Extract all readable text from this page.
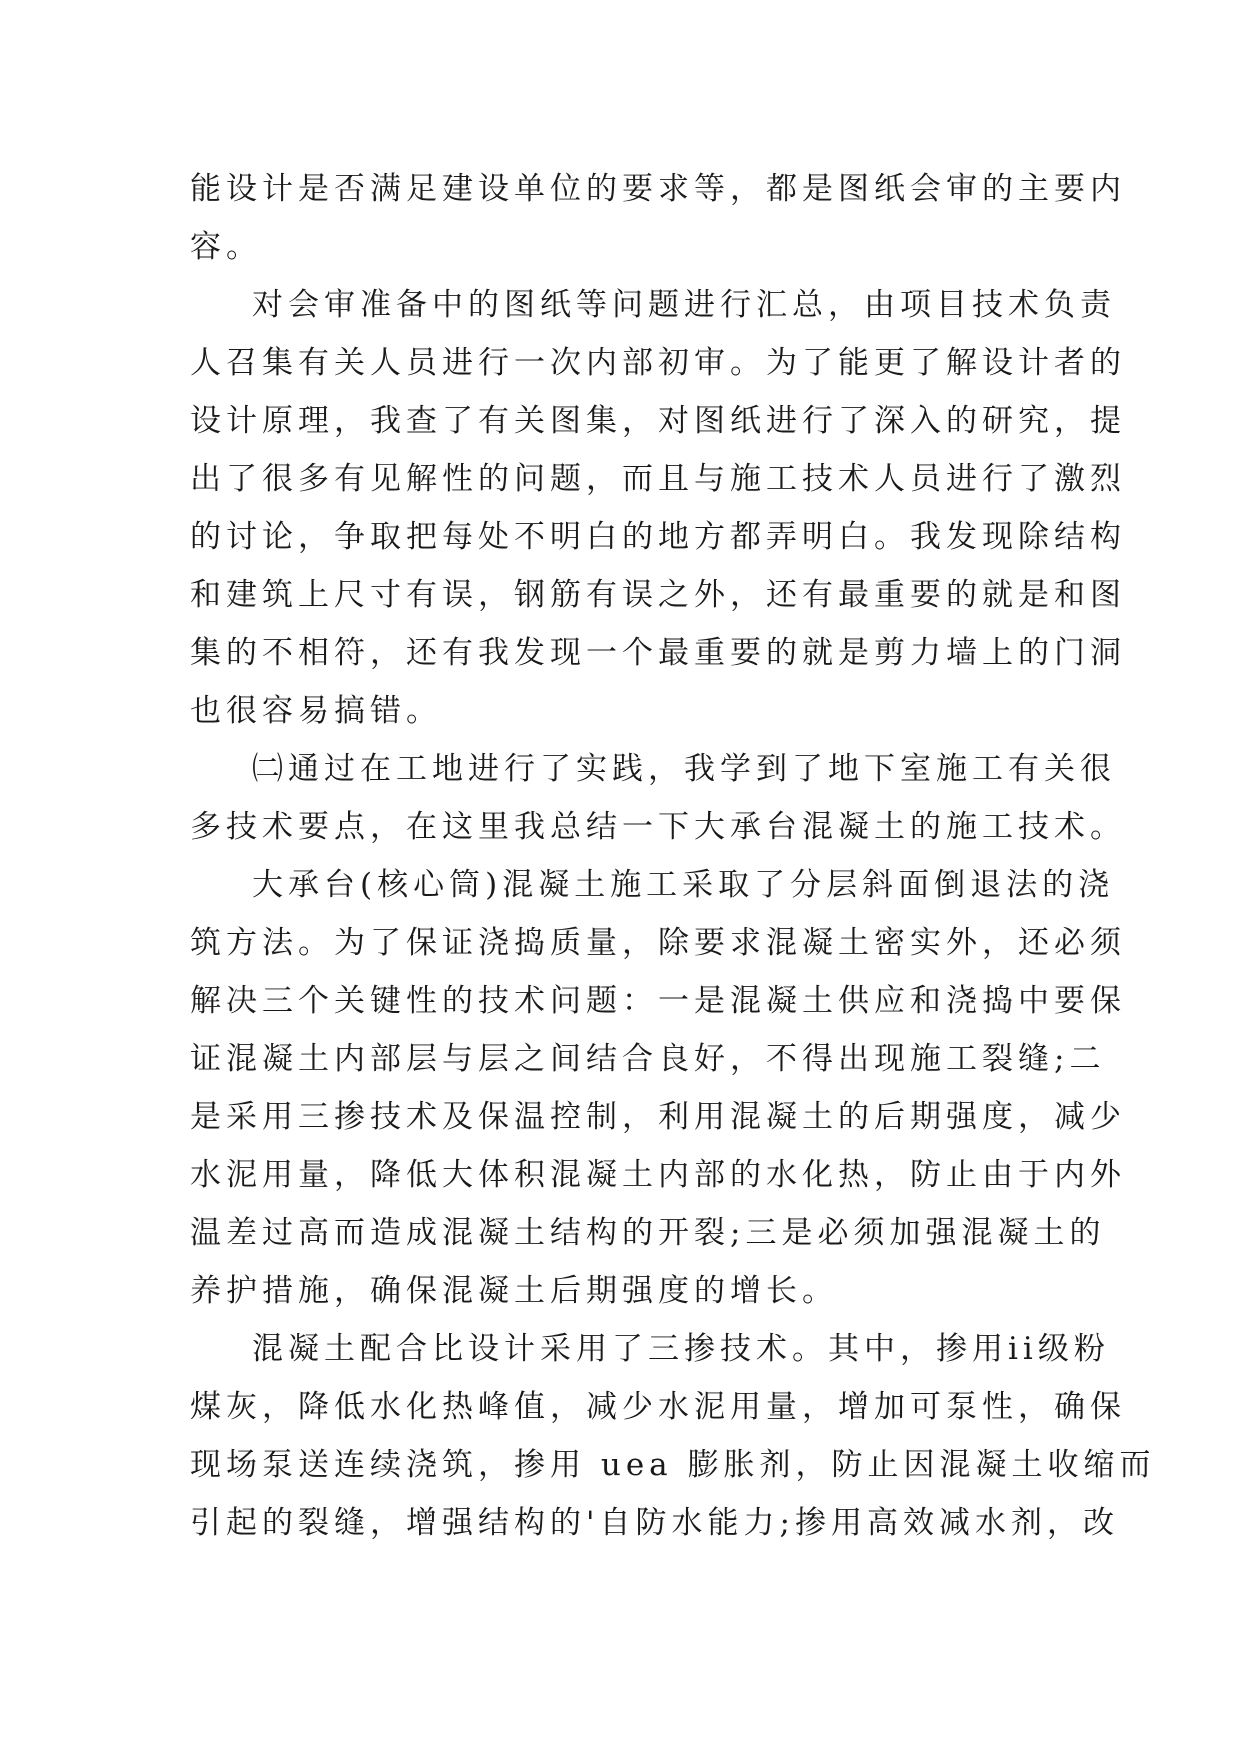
能设计是否满足建设单位的要求等，都是图纸会审的主要内
容。
对会审准备中的图纸等问题进行汇总，由项目技术负责
人召集有关人员进行一次内部初审。为了能更了解设计者的
设计原理，我查了有关图集，对图纸进行了深入的研究，提
出了很多有见解性的问题，而且与施工技术人员进行了激烈
的讨论，争取把每处不明白的地方都弄明白。我发现除结构
和建筑上尺寸有误，钢筋有误之外，还有最重要的就是和图
集的不相符，还有我发现一个最重要的就是剪力墙上的门洞
也很容易搞错。
㈡通过在工地进行了实践，我学到了地下室施工有关很
多技术要点，在这里我总结一下大承台混凝土的施工技术。
大承台(核心筒)混凝土施工采取了分层斜面倒退法的浇
筑方法。为了保证浇捣质量，除要求混凝土密实外，还必须
解决三个关键性的技术问题：一是混凝土供应和浇捣中要保
证混凝土内部层与层之间结合良好，不得出现施工裂缝;二
是采用三掺技术及保温控制，利用混凝土的后期强度，减少
水泥用量，降低大体积混凝土内部的水化热，防止由于内外
温差过高而造成混凝土结构的开裂;三是必须加强混凝土的
养护措施，确保混凝土后期强度的增长。
混凝土配合比设计采用了三掺技术。其中，掺用ii级粉
煤灰，降低水化热峰值，减少水泥用量，增加可泵性，确保
现场泵送连续浇筑，掺用 uea 膨胀剂，防止因混凝土收缩而
引起的裂缝，增强结构的'自防水能力;掺用高效减水剂，改
